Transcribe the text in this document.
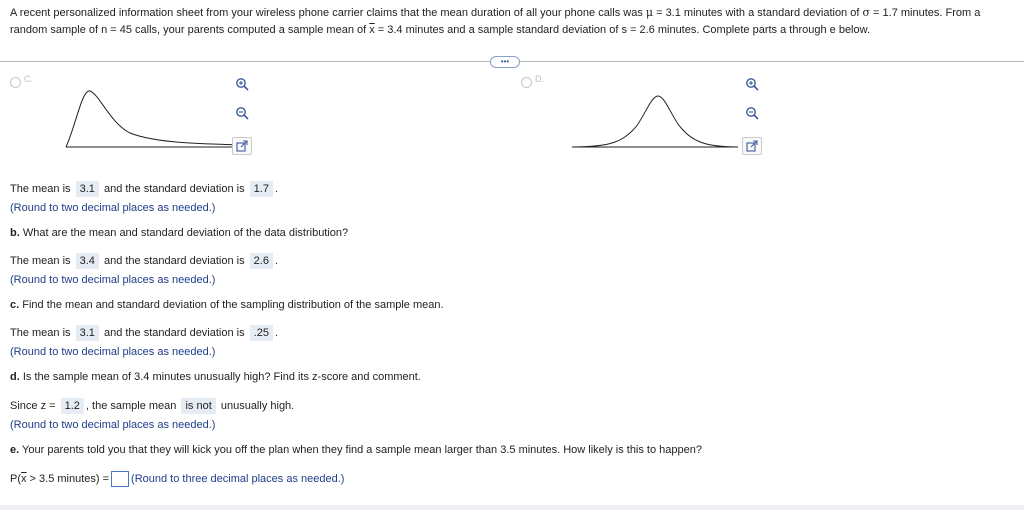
A recent personalized information sheet from your wireless phone carrier claims that the mean duration of all your phone calls was μ = 3.1 minutes with a standard deviation of σ = 1.7 minutes. From a random sample of n = 45 calls, your parents computed a sample mean of $\overline{x} = 3.4$ minutes and a sample standard deviation of s = 2.6 minutes. Complete parts a through e below.
•••
C.	D.
The mean is 3.1 and the standard deviation is 1.7 .
(Round to two decimal places as needed.)
b. What are the mean and standard deviation of the data distribution?
The mean is 3.4 and the standard deviation is 2.6 .
(Round to two decimal places as needed.)
c. Find the mean and standard deviation of the sampling distribution of the sample mean.
The mean is 3.1 and the standard deviation is .25 .
(Round to two decimal places as needed.)
d. Is the sample mean of 3.4 minutes unusually high? Find its z-score and comment.
Since z = 1.2 , the sample mean is not unusually high.
(Round to two decimal places as needed.)
e. Your parents told you that they will kick you off the plan when they find a sample mean larger than 3.5 minutes. How likely is this to happen?
$P(\overline{x} > 3.5$ minutes) = (Round to three decimal places as needed.)
